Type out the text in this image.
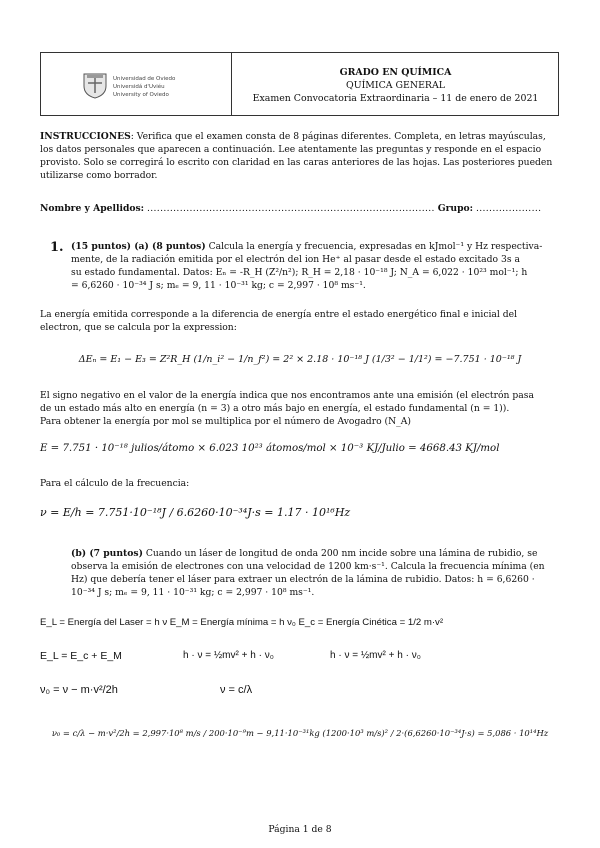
Universidad de Oviedo
Universidá d'Uviéu
University of Oviedo
GRADO EN QUÍMICA
QUÍMICA GENERAL
Examen Convocatoria Extraordinaria – 11 de enero de 2021
INSTRUCCIONES: Verifica que el examen consta de 8 páginas diferentes. Completa, en letras mayúsculas,
los datos personales que aparecen a continuación. Lee atentamente las preguntas y responde en el espacio
provisto. Solo se corregirá lo escrito con claridad en las caras anteriores de las hojas. Las posteriores pueden
utilizarse como borrador.
Nombre y Apellidos: ........................................................................................ Grupo: ....................
1. (15 puntos) (a) (8 puntos) Calcula la energía y frecuencia, expresadas en kJmol⁻¹ y Hz respectiva-
mente, de la radiación emitida por el electrón del ion He⁺ al pasar desde el estado excitado 3s a
su estado fundamental. Datos: Eₙ = -R_H (Z²/n²); R_H = 2,18 · 10⁻¹⁸ J; N_A = 6,022 · 10²³ mol⁻¹; h
= 6,6260 · 10⁻³⁴ J s; mₑ = 9, 11 · 10⁻³¹ kg; c = 2,997 · 10⁸ ms⁻¹.
La energía emitida corresponde a la diferencia de energía entre el estado energético final e inicial del
electron, que se calcula por la expression:
ΔEₙ = E₁ − E₃ = Z²R_H (1/n_i² − 1/n_f²) = 2² × 2.18 · 10⁻¹⁸ J (1/3² − 1/1²) = −7.751 · 10⁻¹⁸ J
El signo negativo en el valor de la energía indica que nos encontramos ante una emisión (el electrón pasa
de un estado más alto en energía (n = 3) a otro más bajo en energía, el estado fundamental (n = 1)).
Para obtener la energía por mol se multiplica por el número de Avogadro (N_A)
E = 7.751 · 10⁻¹⁸ julios/átomo × 6.023 10²³ átomos/mol × 10⁻³ KJ/Julio = 4668.43 KJ/mol
Para el cálculo de la frecuencia:
ν = E/h = 7.751·10⁻¹⁸J / 6.6260·10⁻³⁴J·s = 1.17 · 10¹⁶Hz
(b) (7 puntos) Cuando un láser de longitud de onda 200 nm incide sobre una lámina de rubidio, se
observa la emisión de electrones con una velocidad de 1200 km·s⁻¹. Calcula la frecuencia mínima (en
Hz) que debería tener el láser para extraer un electrón de la lámina de rubidio. Datos: h = 6,6260 ·
10⁻³⁴ J s; mₑ = 9, 11 · 10⁻³¹ kg; c = 2,997 · 10⁸ ms⁻¹.
E_L = Energía del Laser = h ν E_M = Energía mínima = h ν₀ E_c = Energía Cinética = 1/2 m·v²
E_L = E_c + E_M	h · ν = ½mv² + h · ν₀	h · ν = ½mv² + h · ν₀
ν₀ = ν − m·v²/2h	ν = c/λ
ν₀ = c/λ − m·v²/2h = 2,997·10⁸ m/s / 200·10⁻⁹m − 9,11·10⁻³¹kg (1200·10³ m/s)² / 2·(6,6260·10⁻³⁴J·s) = 5,086 · 10¹⁴Hz
Página 1 de 8
